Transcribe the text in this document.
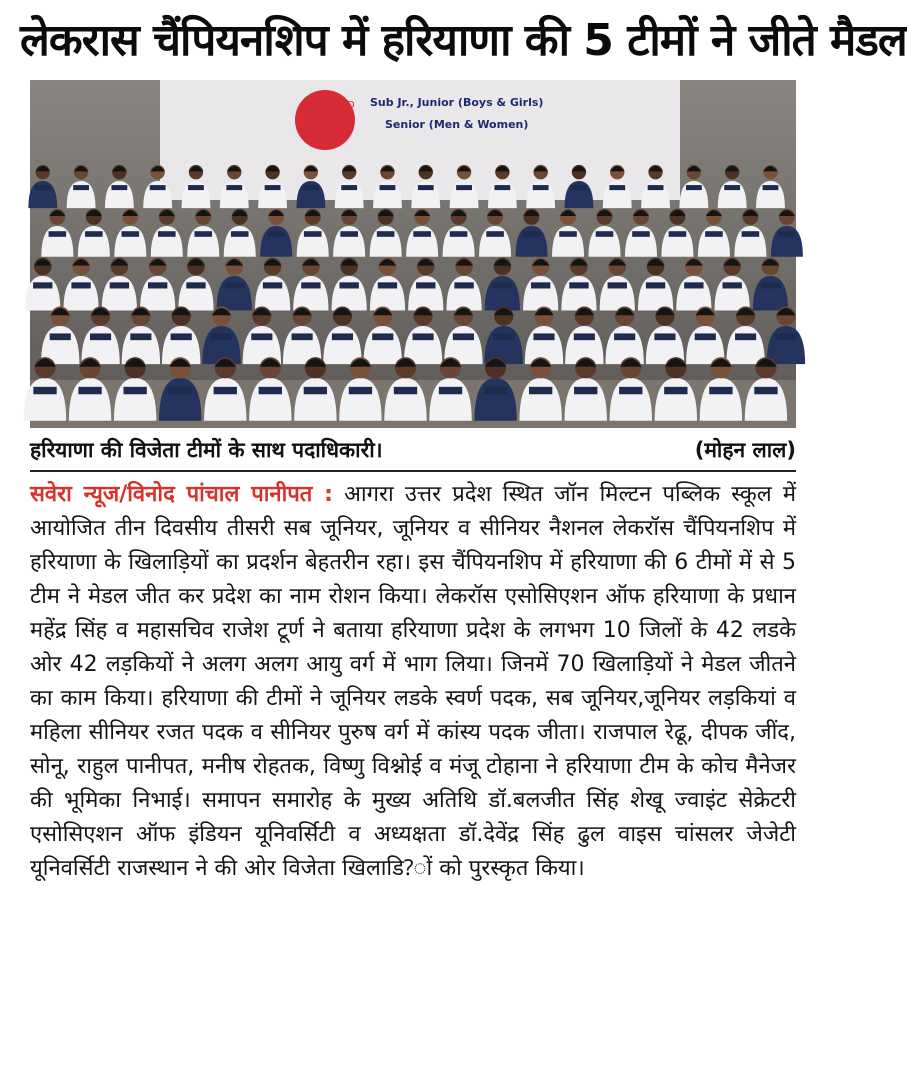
लेकरास चैंपियनशिप में हरियाणा की 5 टीमों ने जीते मैडल
RD Sub Jr., Junior (Boys & Girls)
Senior (Men & Women)
हरियाणा की विजेता टीमों के साथ पदाधिकारी।	(मोहन लाल)
सवेरा न्यूज/विनोद पांचाल पानीपत : आगरा उत्तर प्रदेश स्थित जॉन मिल्टन पब्लिक स्कूल में आयोजित तीन दिवसीय तीसरी सब जूनियर, जूनियर व सीनियर नैशनल लेकरॉस चैंपियनशिप में हरियाणा के खिलाड़ियों का प्रदर्शन बेहतरीन रहा। इस चैंपियनशिप में हरियाणा की 6 टीमों में से 5 टीम ने मेडल जीत कर प्रदेश का नाम रोशन किया। लेकरॉस एसोसिएशन ऑफ हरियाणा के प्रधान महेंद्र सिंह व महासचिव राजेश टूर्ण ने बताया हरियाणा प्रदेश के लगभग 10 जिलों के 42 लडके ओर 42 लड़कियों ने अलग अलग आयु वर्ग में भाग लिया। जिनमें 70 खिलाड़ियों ने मेडल जीतने का काम किया। हरियाणा की टीमों ने जूनियर लडके स्वर्ण पदक, सब जूनियर,जूनियर लड़कियां व महिला सीनियर रजत पदक व सीनियर पुरुष वर्ग में कांस्य पदक जीता। राजपाल रेढू, दीपक जींद, सोनू, राहुल पानीपत, मनीष रोहतक, विष्णु विश्नोई व मंजू टोहाना ने हरियाणा टीम के कोच मैनेजर की भूमिका निभाई। समापन समारोह के मुख्य अतिथि डॉ.बलजीत सिंह शेखू ज्वाइंट सेक्रेटरी एसोसिएशन ऑफ इंडियन यूनिवर्सिटी व अध्यक्षता डॉ.देवेंद्र सिंह ढुल वाइस चांसलर जेजेटी यूनिवर्सिटी राजस्थान ने की ओर विजेता खिलाडि?ों को पुरस्कृत किया।
